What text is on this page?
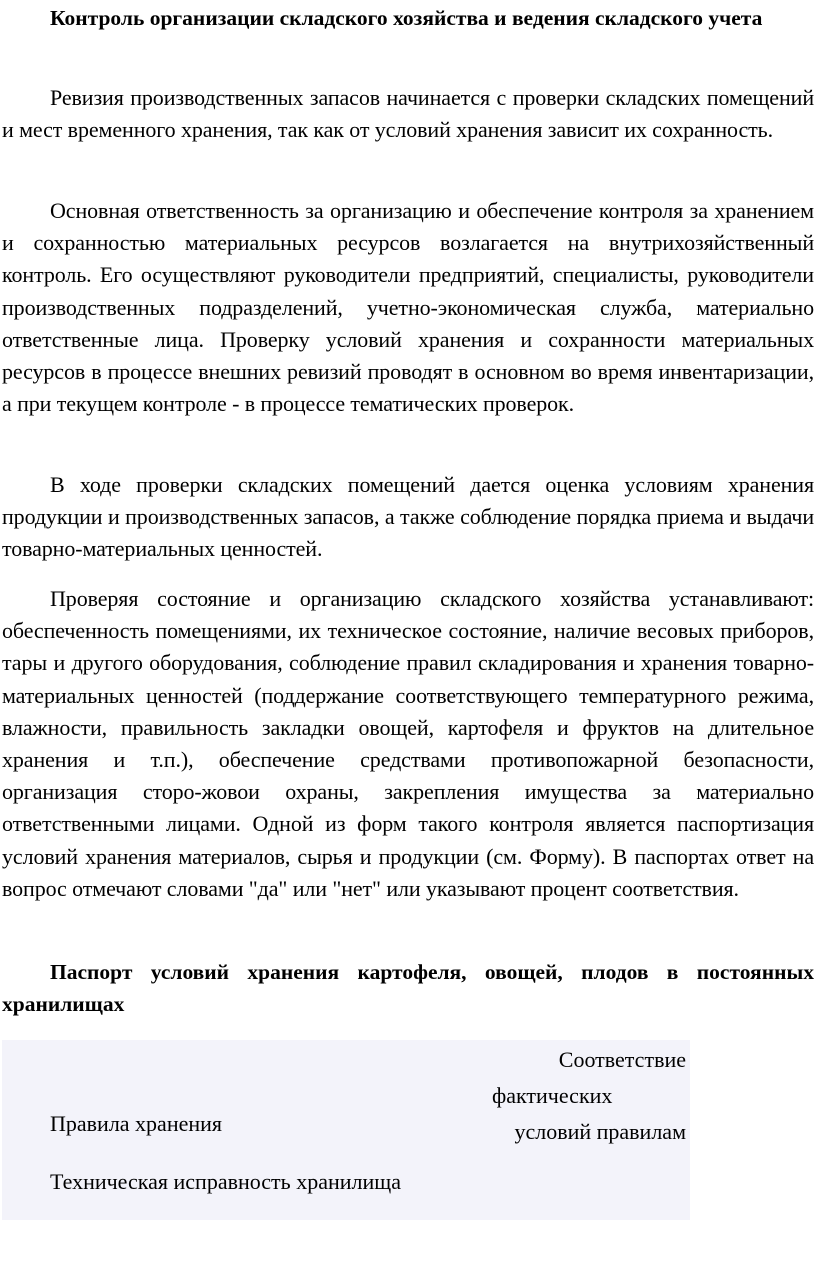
Контроль организации складского хозяйства и ведения складского учета

Ревизия производственных запасов начинается с проверки складских помещений и мест временного хранения, так как от условий хранения зависит их сохранность.

Основная ответственность за организацию и обеспечение контроля за хранением и сохранностью материальных ресурсов возлагается на внутрихозяйственный контроль. Его осуществляют руководители предприятий, специалисты, руководители производственных подразделений, учетно-экономическая служба, материально ответственные лица. Проверку условий хранения и сохранности материальных ресурсов в процессе внешних ревизий проводят в основном во время инвентаризации, а при текущем контроле - в процессе тематических проверок.

В ходе проверки складских помещений дается оценка условиям хранения продукции и производственных запасов, а также соблюдение порядка приема и выдачи товарно-материальных ценностей.

Проверяя состояние и организацию складского хозяйства устанавливают: обеспеченность помещениями, их техническое состояние, наличие весовых приборов, тары и другого оборудования, соблюдение правил складирования и хранения товарно-материальных ценностей (поддержание соответствующего температурного режима, влажности, правильность закладки овощей, картофеля и фруктов на длительное хранения и т.п.), обеспечение средствами противопожарной безопасности, организация сторо-жовои охраны, закрепления имущества за материально ответственными лицами. Одной из форм такого контроля является паспортизация условий хранения материалов, сырья и продукции (см. Форму). В паспортах ответ на вопрос отмечают словами "да" или "нет" или указывают процент соответствия.

Паспорт условий хранения картофеля, овощей, плодов в постоянных хранилищах

Правила хранения
Соответствие
фактических
условий правилам
Техническая исправность хранилища
